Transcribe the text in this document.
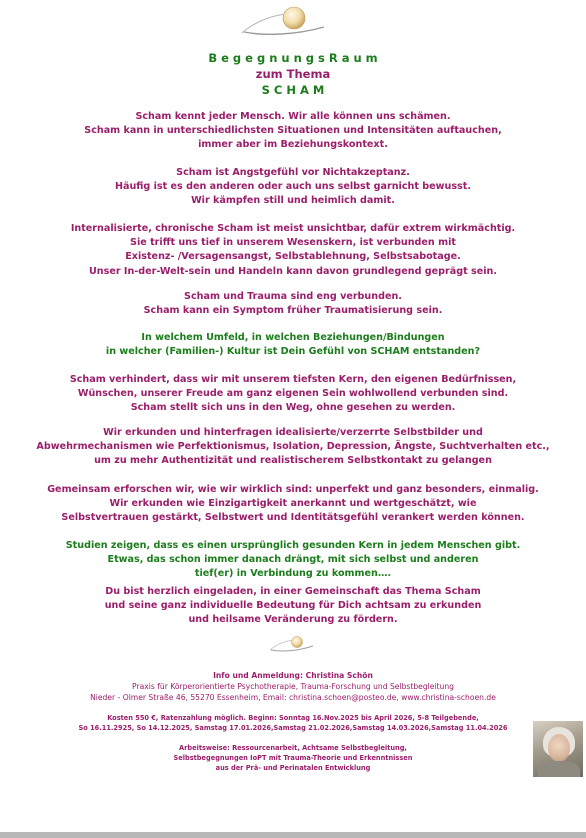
B e g e g n u n g s R a u m
zum Thema
S C H A M
Scham kennt jeder Mensch. Wir alle können uns schämen.
Scham kann in unterschiedlichsten Situationen und Intensitäten auftauchen,
immer aber im Beziehungskontext.
Scham ist Angstgefühl vor Nichtakzeptanz.
Häufig ist es den anderen oder auch uns selbst garnicht bewusst.
Wir kämpfen still und heimlich damit.
Internalisierte, chronische Scham ist meist unsichtbar, dafür extrem wirkmächtig.
Sie trifft uns tief in unserem Wesenskern, ist verbunden mit
Existenz- /Versagensangst, Selbstablehnung, Selbstsabotage.
Unser In-der-Welt-sein und Handeln kann davon grundlegend geprägt sein.
Scham und Trauma sind eng verbunden.
Scham kann ein Symptom früher Traumatisierung sein.
In welchem Umfeld, in welchen Beziehungen/Bindungen
in welcher (Familien-) Kultur ist Dein Gefühl von SCHAM entstanden?
Scham verhindert, dass wir mit unserem tiefsten Kern, den eigenen Bedürfnissen,
Wünschen, unserer Freude am ganz eigenen Sein wohlwollend verbunden sind.
Scham stellt sich uns in den Weg, ohne gesehen zu werden.
Wir erkunden und hinterfragen idealisierte/verzerrte Selbstbilder und
Abwehrmechanismen wie Perfektionismus, Isolation, Depression, Ängste, Suchtverhalten etc.,
um zu mehr Authentizität und realistischerem Selbstkontakt zu gelangen
Gemeinsam erforschen wir, wie wir wirklich sind: unperfekt und ganz besonders, einmalig.
Wir erkunden wie Einzigartigkeit anerkannt und wertgeschätzt, wie
Selbstvertrauen gestärkt, Selbstwert und Identitätsgefühl verankert werden können.
Studien zeigen, dass es einen ursprünglich gesunden Kern in jedem Menschen gibt.
Etwas, das schon immer danach drängt, mit sich selbst und anderen
tief(er) in Verbindung zu kommen….
Du bist herzlich eingeladen, in einer Gemeinschaft das Thema Scham
und seine ganz individuelle Bedeutung für Dich achtsam zu erkunden
und heilsame Veränderung zu fördern.
Info und Anmeldung: Christina Schön
Praxis für Körperorientierte Psychotherapie, Trauma-Forschung und Selbstbegleitung
Nieder - Olmer Straße 46, 55270 Essenheim, Email: christina.schoen@posteo.de, www.christina-schoen.de
Kosten 550 €, Ratenzahlung möglich. Beginn: Sonntag 16.Nov.2025 bis April 2026, 5-8 Teilgebende,
So 16.11.2925, So 14.12.2025, Samstag 17.01.2026,Samstag 21.02.2026,Samstag 14.03.2026,Samstag 11.04.2026
Arbeitsweise: Ressourcenarbeit, Achtsame Selbstbegleitung,
Selbstbegegnungen IoPT mit Trauma-Theorie und Erkenntnissen
aus der Prä- und Perinatalen Entwicklung
